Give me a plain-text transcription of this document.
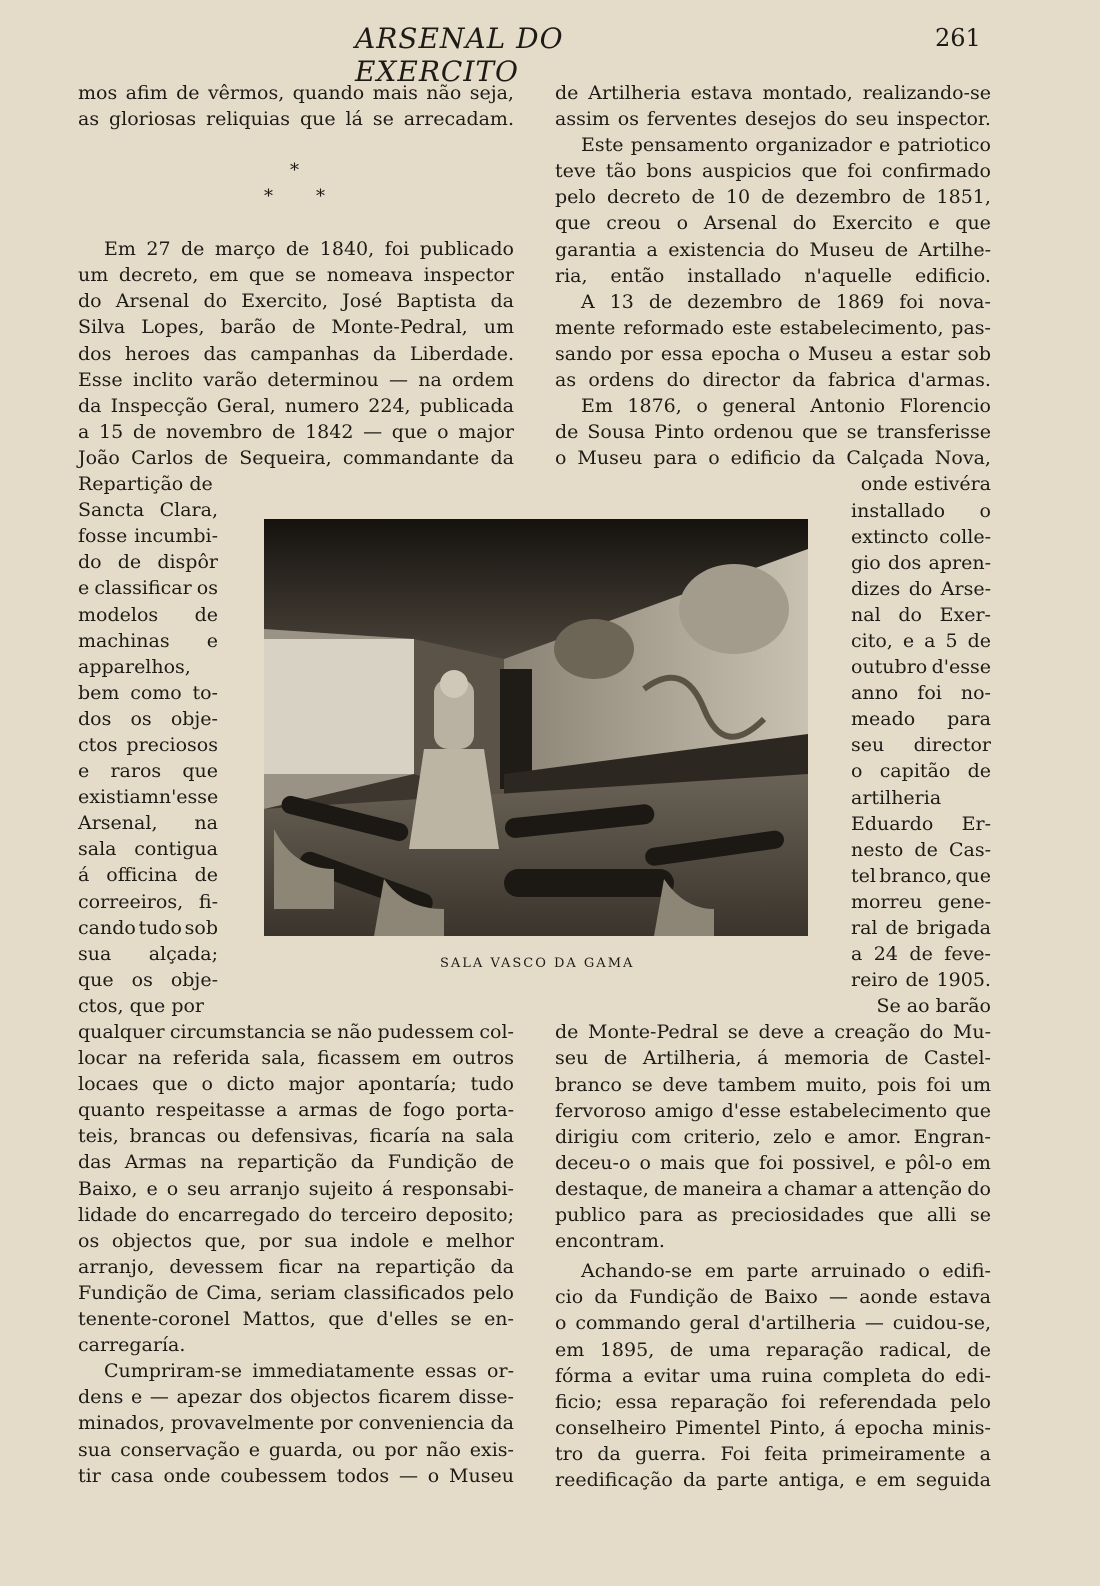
ARSENAL DO EXERCITO
261
mos afim de vêrmos, quando mais não seja,
as gloriosas reliquias que lá se arrecadam.
Em 27 de março de 1840, foi publicado
um decreto, em que se nomeava inspector
do Arsenal do Exercito, José Baptista da
Silva Lopes, barão de Monte-Pedral, um
dos heroes das campanhas da Liberdade.
Esse inclito varão determinou — na ordem
da Inspecção Geral, numero 224, publicada
a 15 de novembro de 1842 — que o major
João Carlos de Sequeira, commandante da
Repartição de
Sancta Clara,
fosse incumbi-
do de dispôr
e classificar os
modelos de
machinas e
apparelhos,
bem como to-
dos os obje-
ctos preciosos
e raros que
existiam n'esse
Arsenal, na
sala contigua
á officina de
correeiros, fi-
cando tudo sob
sua alçada;
que os obje-
ctos, que por
qualquer circumstancia se não pudessem col-
locar na referida sala, ficassem em outros
locaes que o dicto major apontaría; tudo
quanto respeitasse a armas de fogo porta-
teis, brancas ou defensivas, ficaría na sala
das Armas na repartição da Fundição de
Baixo, e o seu arranjo sujeito á responsabi-
lidade do encarregado do terceiro deposito;
os objectos que, por sua indole e melhor
arranjo, devessem ficar na repartição da
Fundição de Cima, seriam classificados pelo
tenente-coronel Mattos, que d'elles se en-
carregaría.
Cumpriram-se immediatamente essas or-
dens e — apezar dos objectos ficarem disse-
minados, provavelmente por conveniencia da
sua conservação e guarda, ou por não exis-
tir casa onde coubessem todos — o Museu
de Artilheria estava montado, realizando-se
assim os ferventes desejos do seu inspector.
Este pensamento organizador e patriotico
teve tão bons auspicios que foi confirmado
pelo decreto de 10 de dezembro de 1851,
que creou o Arsenal do Exercito e que
garantia a existencia do Museu de Artilhe-
ria, então installado n'aquelle edificio.
A 13 de dezembro de 1869 foi nova-
mente reformado este estabelecimento, pas-
sando por essa epocha o Museu a estar sob
as ordens do director da fabrica d'armas.
Em 1876, o general Antonio Florencio
de Sousa Pinto ordenou que se transferisse
o Museu para o edificio da Calçada Nova,
onde estivéra
installado o
extincto colle-
gio dos apren-
dizes do Arse-
nal do Exer-
cito, e a 5 de
outubro d'esse
anno foi no-
meado para
seu director
o capitão de
artilheria
Eduardo Er-
nesto de Cas-
tel branco, que
morreu gene-
ral de brigada
a 24 de feve-
reiro de 1905.
Se ao barão
de Monte-Pedral se deve a creação do Mu-
seu de Artilheria, á memoria de Castel-
branco se deve tambem muito, pois foi um
fervoroso amigo d'esse estabelecimento que
dirigiu com criterio, zelo e amor. Engran-
deceu-o o mais que foi possivel, e pôl-o em
destaque, de maneira a chamar a attenção do
publico para as preciosidades que alli se
encontram.
Achando-se em parte arruinado o edifi-
cio da Fundição de Baixo — aonde estava
o commando geral d'artilheria — cuidou-se,
em 1895, de uma reparação radical, de
fórma a evitar uma ruina completa do edi-
ficio; essa reparação foi referendada pelo
conselheiro Pimentel Pinto, á epocha minis-
tro da guerra. Foi feita primeiramente a
reedificação da parte antiga, e em seguida
*
* *
SALA VASCO DA GAMA
